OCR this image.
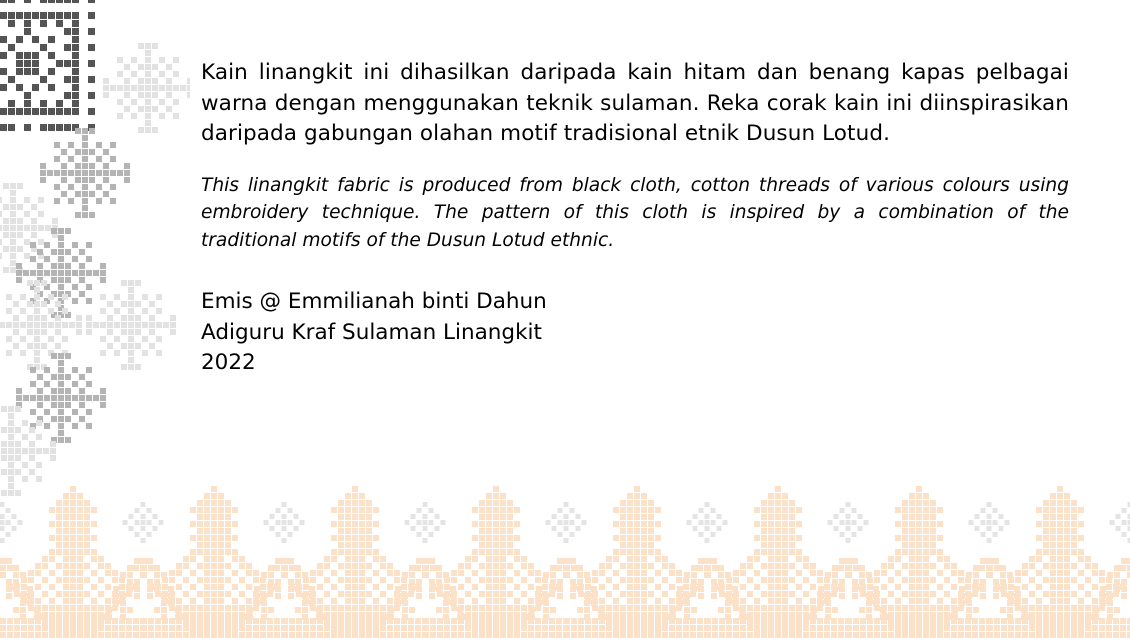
Kain linangkit ini dihasilkan daripada kain hitam dan benang kapas pelbagai warna dengan menggunakan teknik sulaman. Reka corak kain ini diinspirasikan daripada gabungan olahan motif tradisional etnik Dusun Lotud.

This linangkit fabric is produced from black cloth, cotton threads of various colours using embroidery technique. The pattern of this cloth is inspired by a combination of the traditional motifs of the Dusun Lotud ethnic.

Emis @ Emmilianah binti Dahun
Adiguru Kraf Sulaman Linangkit
2022
